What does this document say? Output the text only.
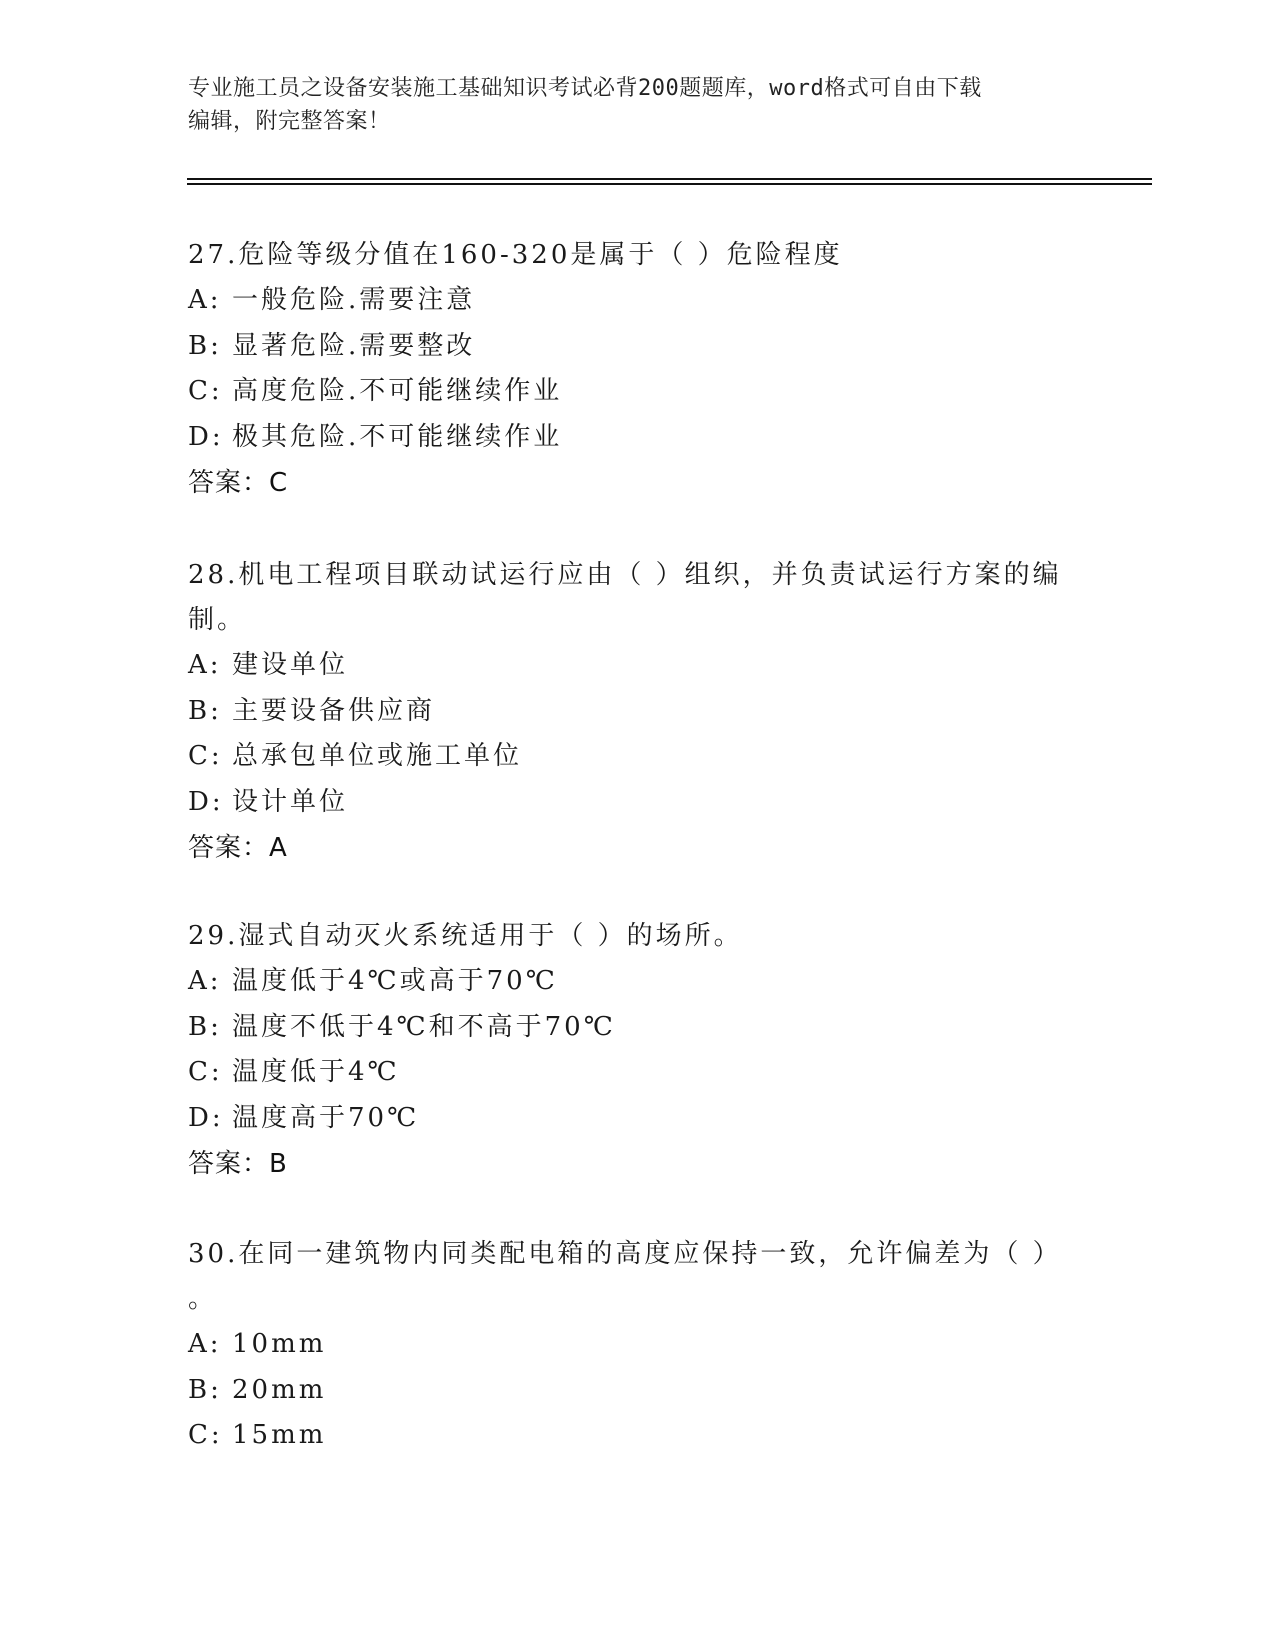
专业施工员之设备安装施工基础知识考试必背200题题库，word格式可自由下载
编辑，附完整答案！
27.危险等级分值在160-320是属于（ ）危险程度
A: 一般危险.需要注意
B: 显著危险.需要整改
C: 高度危险.不可能继续作业
D: 极其危险.不可能继续作业
答案：C
28.机电工程项目联动试运行应由（ ）组织，并负责试运行方案的编
制。
A: 建设单位
B: 主要设备供应商
C: 总承包单位或施工单位
D: 设计单位
答案：A
29.湿式自动灭火系统适用于（ ）的场所。
A: 温度低于4℃或高于70℃
B: 温度不低于4℃和不高于70℃
C: 温度低于4℃
D: 温度高于70℃
答案：B
30.在同一建筑物内同类配电箱的高度应保持一致，允许偏差为（ ）
。
A: 10mm
B: 20mm
C: 15mm
